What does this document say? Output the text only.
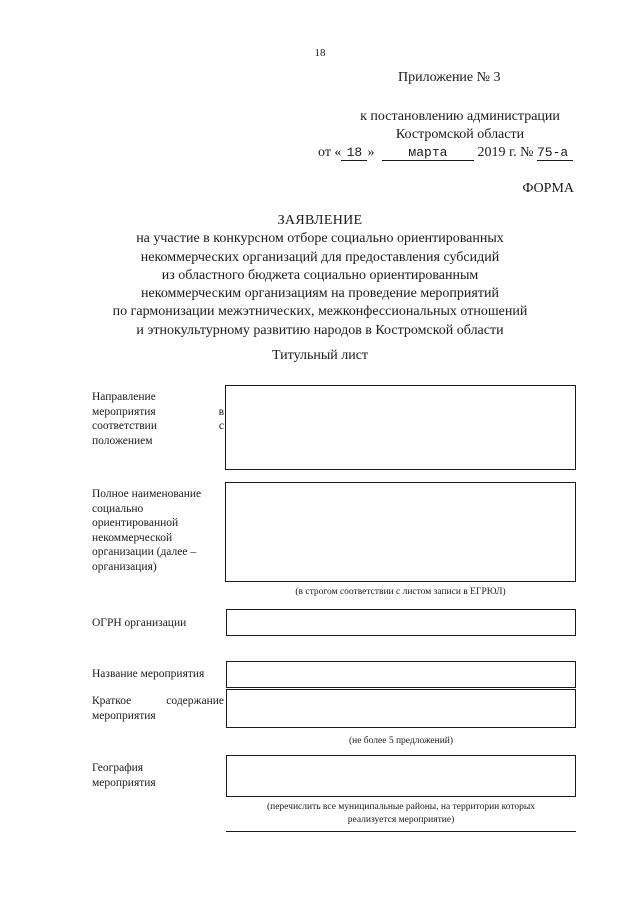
18
Приложение № 3
к постановлению администрации
Костромской области
от « 18 »	марта 2019 г. № 75-а
ФОРМА
ЗАЯВЛЕНИЕ
на участие в конкурсном отборе социально ориентированных
некоммерческих организаций для предоставления субсидий
из областного бюджета социально ориентированным
некоммерческим организациям на проведение мероприятий
по гармонизации межэтнических, межконфессиональных отношений
и этнокультурному развитию народов в Костромской области
Титульный лист
Направление
мероприятия	в
соответствии	с
положением
Полное наименование
социально
ориентированной
некоммерческой
организации (далее –
организация)
(в строгом соответствии с листом записи в ЕГРЮЛ)
ОГРН организации
Название мероприятия
Краткое	содержание
мероприятия
(не более 5 предложений)
География
мероприятия
(перечислить все муниципальные районы, на территории которых
реализуется мероприятие)
